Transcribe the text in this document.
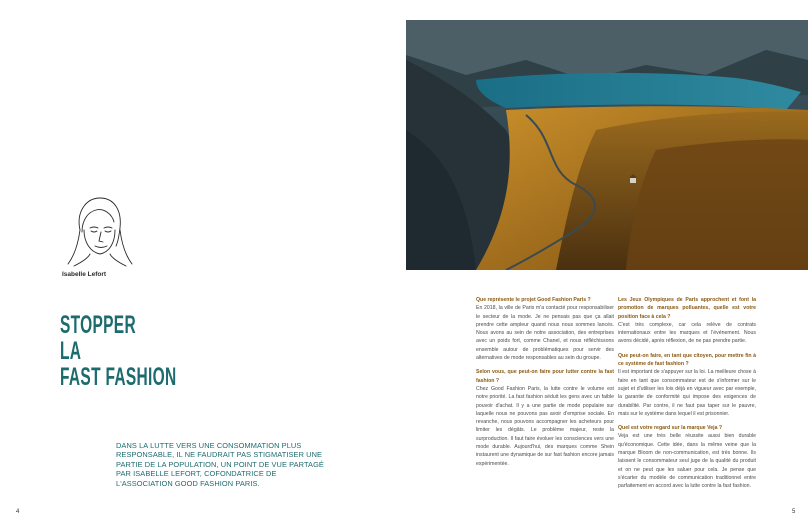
Isabelle Lefort
STOPPER
LA
FAST FASHION
DANS LA LUTTE VERS UNE CONSOMMATION PLUS RESPONSABLE, IL NE FAUDRAIT PAS STIGMATISER UNE PARTIE DE LA POPULATION, UN POINT DE VUE PARTAGÉ PAR ISABELLE LEFORT, COFONDATRICE DE L'ASSOCIATION GOOD FASHION PARIS.
4

Que représente le projet Good Fashion Paris ?

En 2018, la ville de Paris m'a contacté pour responsabiliser le secteur de la mode. Je ne pensais pas que ça allait prendre cette ampleur quand nous nous sommes lancés. Nous avons au sein de notre association, des entreprises avec un poids fort, comme Chanel, et nous réfléchissons ensemble autour de problématiques pour servir des alternatives de mode responsables au sein du groupe.

Selon vous, que peut-on faire pour lutter contre la fast fashion ?

Chez Good Fashion Paris, la lutte contre le volume est notre priorité. La fast fashion séduit les gens avec un faible pouvoir d'achat. Il y a une partie de mode populaire sur laquelle nous ne pouvons pas avoir d'emprise sociale. En revanche, nous pouvons accompagner les acheteurs pour limiter les dégâts. Le problème majeur, reste la surproduction. Il faut faire évoluer les consciences vers une mode durable. Aujourd'hui, des marques comme Shein instaurent une dynamique de sur fast fashion encore jamais expérimentée.

Les Jeux Olympiques de Paris approchent et font la promotion de marques polluantes, quelle est votre position face à cela ?

C'est très complexe, car cela relève de contrats internationaux entre les marques et l'événement. Nous avons décidé, après réflexion, de ne pas prendre partie.

Que peut-on faire, en tant que citoyen, pour mettre fin à ce système de fast fashion ?

Il est important de s'appuyer sur la loi. La meilleure chose à faire en tant que consommateur est de s'informer sur le sujet et d'utiliser les lois déjà en vigueur avec par exemple, la garantie de conformité qui impose des exigences de durabilité. Par contre, il ne faut pas taper sur le pauvre, mais sur le système dans lequel il est prisonnier.

Quel est votre regard sur la marque Veja ?

Veja est une très belle réussite aussi bien durable qu'économique. Cette idée, dans la même veine que la marque Bloom de non-communication, est très bonne. Ils laissent le consommateur seul juge de la qualité du produit et on ne peut que les saluer pour cela. Je pense que s'écarter du modèle de communication traditionnel entre parfaitement en accord avec la lutte contre la fast fashion.

5
